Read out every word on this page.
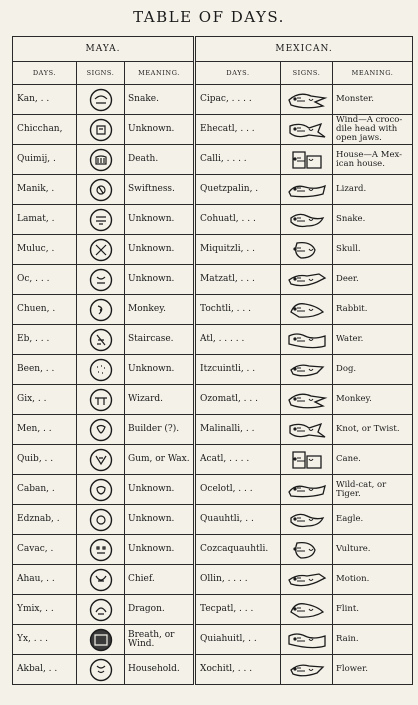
TABLE OF DAYS.
MAYA.			MEXICAN.		
DAYS.	SIGNS.	MEANING.	DAYS.	SIGNS.	MEANING.
Kan, . .		Snake.	Cipac, . . . .		Monster.
Chicchan,		Unknown.	Ehecatl, . . .		Wind—A croco-dile head with open jaws.
Quimij, .		Death.	Calli, . . . .		House—A Mex-ican house.
Manik, .		Swiftness.	Quetzpalin, .		Lizard.
Lamat, .		Unknown.	Cohuatl, . . .		Snake.
Muluc, .		Unknown.	Miquitzli, . .		Skull.
Oc, . . .		Unknown.	Matzatl, . . .		Deer.
Chuen, .		Monkey.	Tochtli, . . .		Rabbit.
Eb, . . .		Staircase.	Atl, . . . . .		Water.
Been, . .		Unknown.	Itzcuintli, . .		Dog.
Gix, . .		Wizard.	Ozomatl, . . .		Monkey.
Men, . .		Builder (?).	Malinalli, . .		Knot, or Twist.
Quib, . .		Gum, or Wax.	Acatl, . . . .		Cane.
Caban, .		Unknown.	Ocelotl, . . .		Wild-cat, or Tiger.
Edznab, .		Unknown.	Quauhtli, . .		Eagle.
Cavac, .		Unknown.	Cozcaquauhtli.		Vulture.
Ahau, . .		Chief.	Ollin, . . . .		Motion.
Ymix, . .		Dragon.	Tecpatl, . . .		Flint.
Yx, . . .		Breath, or Wind.	Quiahuitl, . .		Rain.
Akbal, . .		Household.	Xochitl, . . .		Flower.
